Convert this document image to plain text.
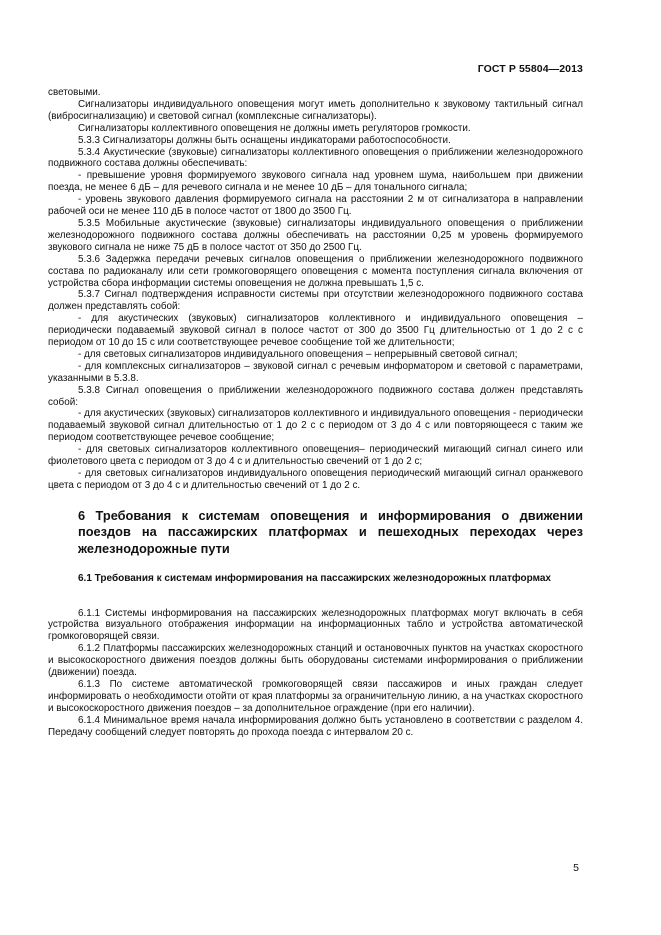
ГОСТ Р 55804—2013

световыми.

Сигнализаторы индивидуального оповещения могут иметь дополнительно к звуковому тактильный сигнал (вибросигнализацию) и световой сигнал (комплексные сигнализаторы).

Сигнализаторы коллективного оповещения не должны иметь регуляторов громкости.

5.3.3 Сигнализаторы должны быть оснащены индикаторами работоспособности.

5.3.4 Акустические (звуковые) сигнализаторы коллективного оповещения о приближении железнодорожного подвижного состава должны обеспечивать:

- превышение уровня формируемого звукового сигнала над уровнем шума, наибольшем при движении поезда, не менее 6 дБ – для речевого сигнала и не менее 10 дБ – для тонального сигнала;

- уровень звукового давления формируемого сигнала на расстоянии 2 м от сигнализатора в направлении рабочей оси не менее 110 дБ в полосе частот от 1800 до 3500 Гц.

5.3.5 Мобильные акустические (звуковые) сигнализаторы индивидуального оповещения о приближении железнодорожного подвижного состава должны обеспечивать на расстоянии 0,25 м уровень формируемого звукового сигнала не ниже 75 дБ в полосе частот от 350 до 2500 Гц.

5.3.6 Задержка передачи речевых сигналов оповещения о приближении железнодорожного подвижного состава по радиоканалу или сети громкоговорящего оповещения с момента поступления сигнала включения от устройства сбора информации системы оповещения не должна превышать 1,5 с.

5.3.7 Сигнал подтверждения исправности системы при отсутствии железнодорожного подвижного состава должен представлять собой:

- для акустических (звуковых) сигнализаторов коллективного и индивидуального оповещения – периодически подаваемый звуковой сигнал в полосе частот от 300 до 3500 Гц длительностью от 1 до 2 с с периодом от 10 до 15 с или соответствующее речевое сообщение той же длительности;

- для световых сигнализаторов индивидуального оповещения – непрерывный световой сигнал;

- для комплексных сигнализаторов – звуковой сигнал с речевым информатором и световой с параметрами, указанными в 5.3.8.

5.3.8 Сигнал оповещения о приближении железнодорожного подвижного состава должен представлять собой:

- для акустических (звуковых) сигнализаторов коллективного и индивидуального оповещения - периодически подаваемый звуковой сигнал длительностью от 1 до 2 с с периодом от 3 до 4 с или повторяющееся с таким же периодом соответствующее речевое сообщение;

- для световых сигнализаторов коллективного оповещения– периодический мигающий сигнал синего или фиолетового цвета с периодом от 3 до 4 с и длительностью свечений от 1 до 2 с;

- для световых сигнализаторов индивидуального оповещения периодический мигающий сигнал оранжевого цвета с периодом от 3 до 4 с и длительностью свечений от 1 до 2 с.

6 Требования к системам оповещения и информирования о движении поездов на пассажирских платформах и пешеходных переходах через железнодорожные пути
6.1 Требования к системам информирования на пассажирских железнодорожных платформах

6.1.1 Системы информирования на пассажирских железнодорожных платформах могут включать в себя устройства визуального отображения информации на информационных табло и устройства автоматической громкоговорящей связи.

6.1.2 Платформы пассажирских железнодорожных станций и остановочных пунктов на участках скоростного и высокоскоростного движения поездов должны быть оборудованы системами информирования о приближении (движении) поезда.

6.1.3 По системе автоматической громкоговорящей связи пассажиров и иных граждан следует информировать о необходимости отойти от края платформы за ограничительную линию, а на участках скоростного и высокоскоростного движения поездов – за дополнительное ограждение (при его наличии).

6.1.4 Минимальное время начала информирования должно быть установлено в соответствии с разделом 4. Передачу сообщений следует повторять до прохода поезда с интервалом 20 с.

5
